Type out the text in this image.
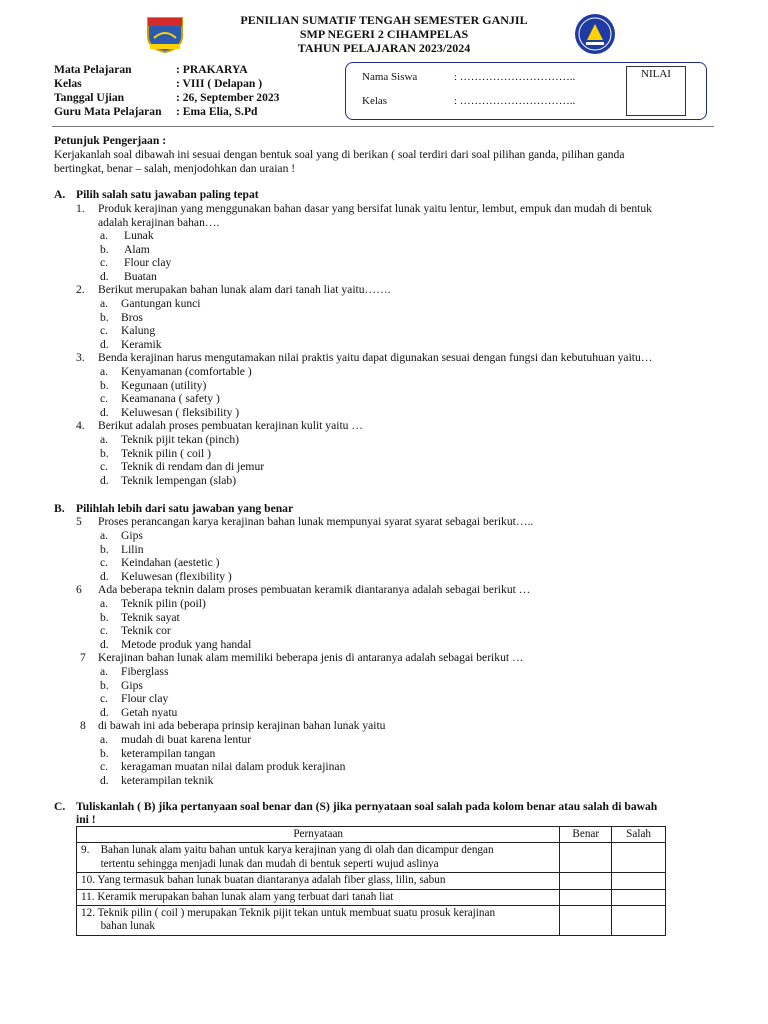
PENILIAN SUMATIF TENGAH SEMESTER GANJIL
SMP NEGERI 2 CIHAMPELAS
TAHUN PELAJARAN 2023/2024
Mata Pelajaran	: PRAKARYA
Kelas	: VIII ( Delapan )
Tanggal Ujian	: 26, September 2023
Guru Mata Pelajaran : Ema Elia, S.Pd
Nama Siswa	: …………………………..
Kelas	: …………………………..
NILAI
Petunjuk Pengerjaan :
Kerjakanlah soal dibawah ini sesuai dengan bentuk soal yang di berikan ( soal terdiri dari soal pilihan ganda, pilihan ganda
bertingkat, benar – salah, menjodohkan dan uraian !
A. Pilih salah satu jawaban paling tepat
1. Produk kerajinan yang menggunakan bahan dasar yang bersifat lunak yaitu lentur, lembut, empuk dan mudah di bentuk
adalah kerajinan bahan….
a. Lunak
b. Alam
c. Flour clay
d. Buatan
2. Berikut merupakan bahan lunak alam dari tanah liat yaitu…….
a. Gantungan kunci
b. Bros
c. Kalung
d. Keramik
3. Benda kerajinan harus mengutamakan nilai praktis yaitu dapat digunakan sesuai dengan fungsi dan kebutuhuan yaitu…
a. Kenyamanan (comfortable )
b. Kegunaan (utility)
c. Keamanana ( safety )
d. Keluwesan ( fleksibility )
4. Berikut adalah proses pembuatan kerajinan kulit yaitu …
a. Teknik pijit tekan (pinch)
b. Teknik pilin ( coil )
c. Teknik di rendam dan di jemur
d. Teknik lempengan (slab)
B. Pilihlah lebih dari satu jawaban yang benar
5 Proses perancangan karya kerajinan bahan lunak mempunyai syarat syarat sebagai berikut…..
a. Gips
b. Lilin
c. Keindahan (aestetic )
d. Keluwesan (flexibility )
6 Ada beberapa teknin dalam proses pembuatan keramik diantaranya adalah sebagai berikut …
a. Teknik pilin (poil)
b. Teknik sayat
c. Teknik cor
d. Metode produk yang handal
7 Kerajinan bahan lunak alam memiliki beberapa jenis di antaranya adalah sebagai berikut …
a. Fiberglass
b. Gips
c. Flour clay
d. Getah nyatu
8 di bawah ini ada beberapa prinsip kerajinan bahan lunak yaitu
a. mudah di buat karena lentur
b. keterampilan tangan
c. keragaman muatan nilai dalam produk kerajinan
d. keterampilan teknik
C. Tuliskanlah ( B) jika pertanyaan soal benar dan (S) jika pernyataan soal salah pada kolom benar atau salah di bawah
ini !
Pernyataan	Benar	Salah

9.    Bahan lunak alam yaitu bahan untuk karya kerajinan yang di olah dan dicampur dengan
tertentu sehingga menjadi lunak dan mudah di bentuk seperti wujud aslinya		

10. Yang termasuk bahan lunak buatan diantaranya adalah fiber glass, lilin, sabun		

11. Keramik merupakan bahan lunak alam yang terbuat dari tanah liat		

12. Teknik pilin ( coil ) merupakan Teknik pijit tekan untuk membuat suatu prosuk kerajinan
bahan lunak		
